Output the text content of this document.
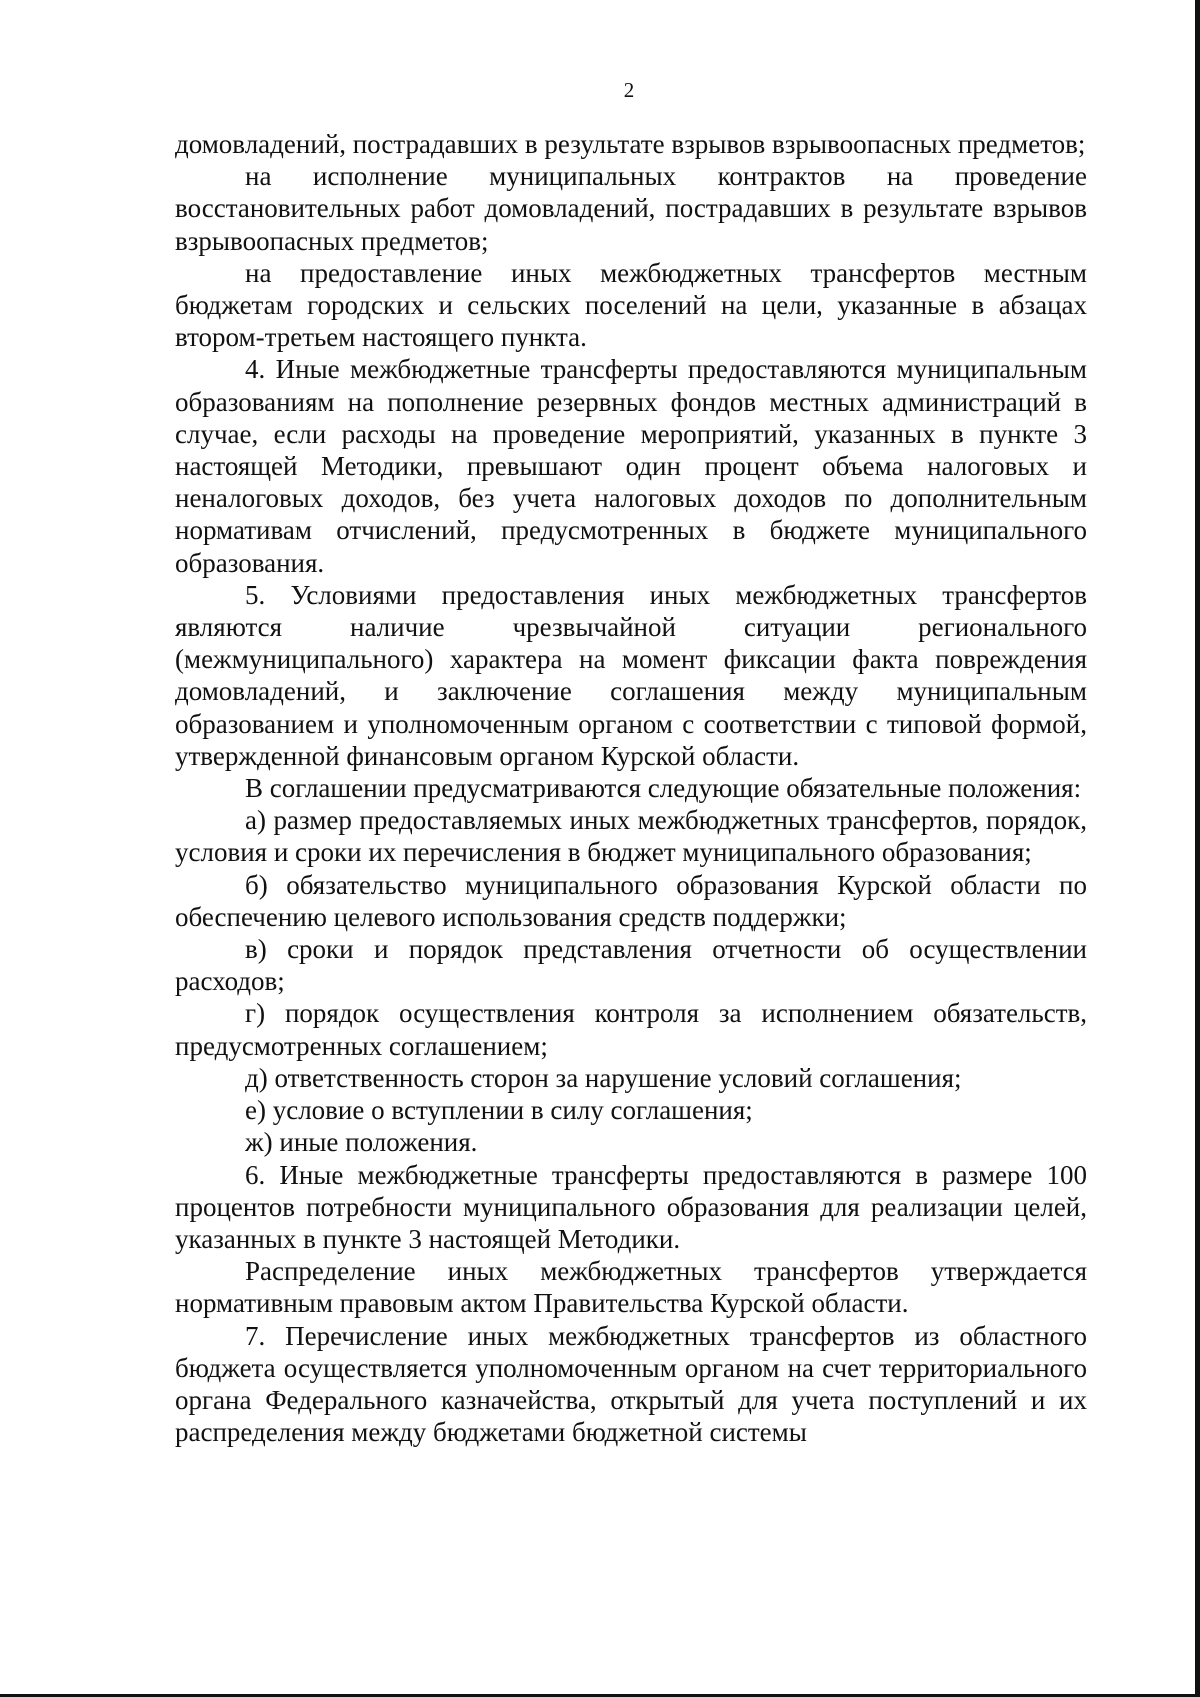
2

домовладений, пострадавших в результате взрывов взрывоопасных предметов;

на исполнение муниципальных контрактов на проведение восстановительных работ домовладений, пострадавших в результате взрывов взрывоопасных предметов;

на предоставление иных межбюджетных трансфертов местным бюджетам городских и сельских поселений на цели, указанные в абзацах втором-третьем настоящего пункта.

4. Иные межбюджетные трансферты предоставляются муниципальным образованиям на пополнение резервных фондов местных администраций в случае, если расходы на проведение мероприятий, указанных в пункте 3 настоящей Методики, превышают один процент объема налоговых и неналоговых доходов, без учета налоговых доходов по дополнительным нормативам отчислений, предусмотренных в бюджете муниципального образования.

5. Условиями предоставления иных межбюджетных трансфертов являются наличие чрезвычайной ситуации регионального (межмуниципального) характера на момент фиксации факта повреждения домовладений, и заключение соглашения между муниципальным образованием и уполномоченным органом с соответствии с типовой формой, утвержденной финансовым органом Курской области.

В соглашении предусматриваются следующие обязательные положения:

а) размер предоставляемых иных межбюджетных трансфертов, порядок, условия и сроки их перечисления в бюджет муниципального образования;

б) обязательство муниципального образования Курской области по обеспечению целевого использования средств поддержки;

в) сроки и порядок представления отчетности об осуществлении расходов;

г) порядок осуществления контроля за исполнением обязательств, предусмотренных соглашением;

д) ответственность сторон за нарушение условий соглашения;

е) условие о вступлении в силу соглашения;

ж) иные положения.

6. Иные межбюджетные трансферты предоставляются в размере 100 процентов потребности муниципального образования для реализации целей, указанных в пункте 3 настоящей Методики.

Распределение иных межбюджетных трансфертов утверждается нормативным правовым актом Правительства Курской области.

7. Перечисление иных межбюджетных трансфертов из областного бюджета осуществляется уполномоченным органом на счет территориального органа Федерального казначейства, открытый для учета поступлений и их распределения между бюджетами бюджетной системы
